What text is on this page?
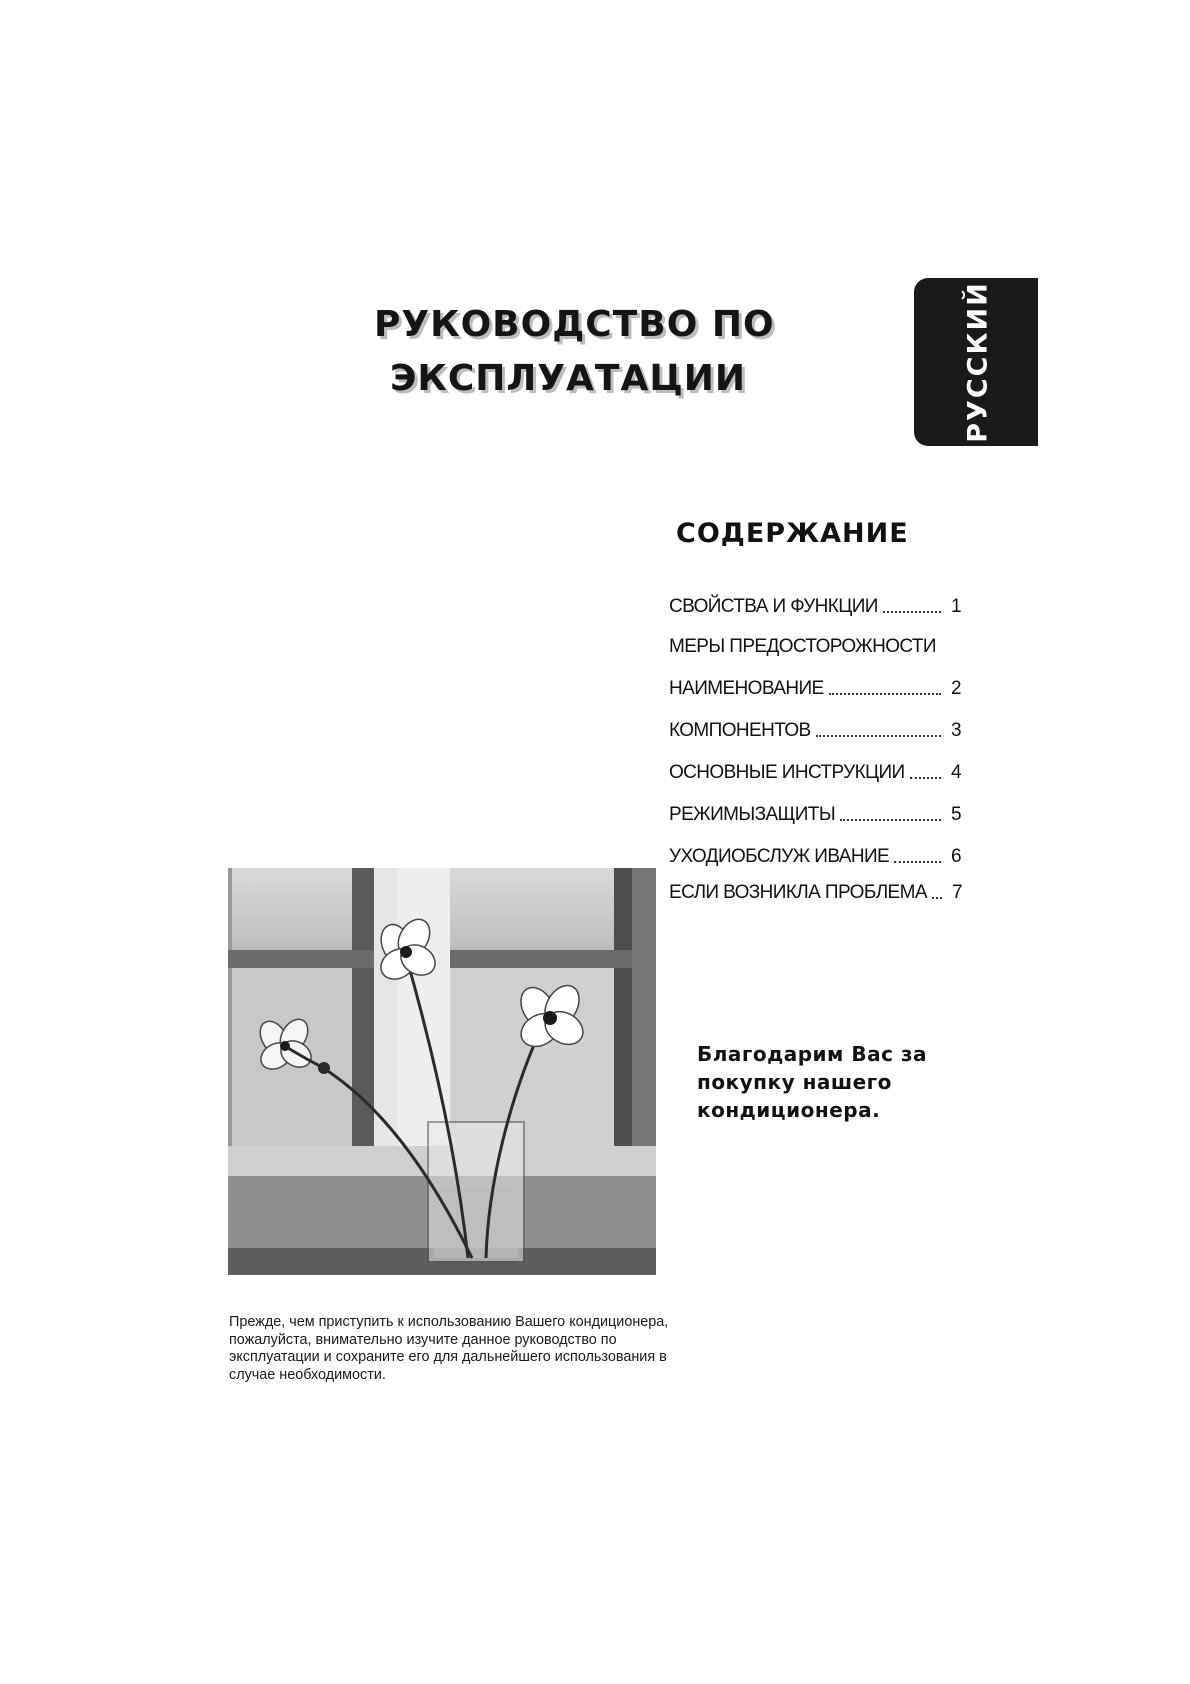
РУКОВОДСТВО ПО
ЭКСПЛУАТАЦИИ	РУССКИЙ
СОДЕРЖАНИЕ
СВОЙСТВА И ФУНКЦИИ	1
МЕРЫ ПРЕДОСТОРОЖНОСТИ
НАИМЕНОВАНИЕ	2
КОМПОНЕНТОВ	3
ОСНОВНЫЕ ИНСТРУКЦИИ	4
РЕЖИМЫЗАЩИТЫ	5
УХОДИОБСЛУЖ ИВАНИЕ	6
ЕСЛИ ВОЗНИКЛА ПРОБЛЕМА	7

Благодарим Вас за покупку нашего кондиционера.

Прежде, чем приступить к использованию Вашего кондиционера, пожалуйста, внимательно изучите данное руководство по эксплуатации и сохраните его для дальнейшего использования в случае необходимости.
